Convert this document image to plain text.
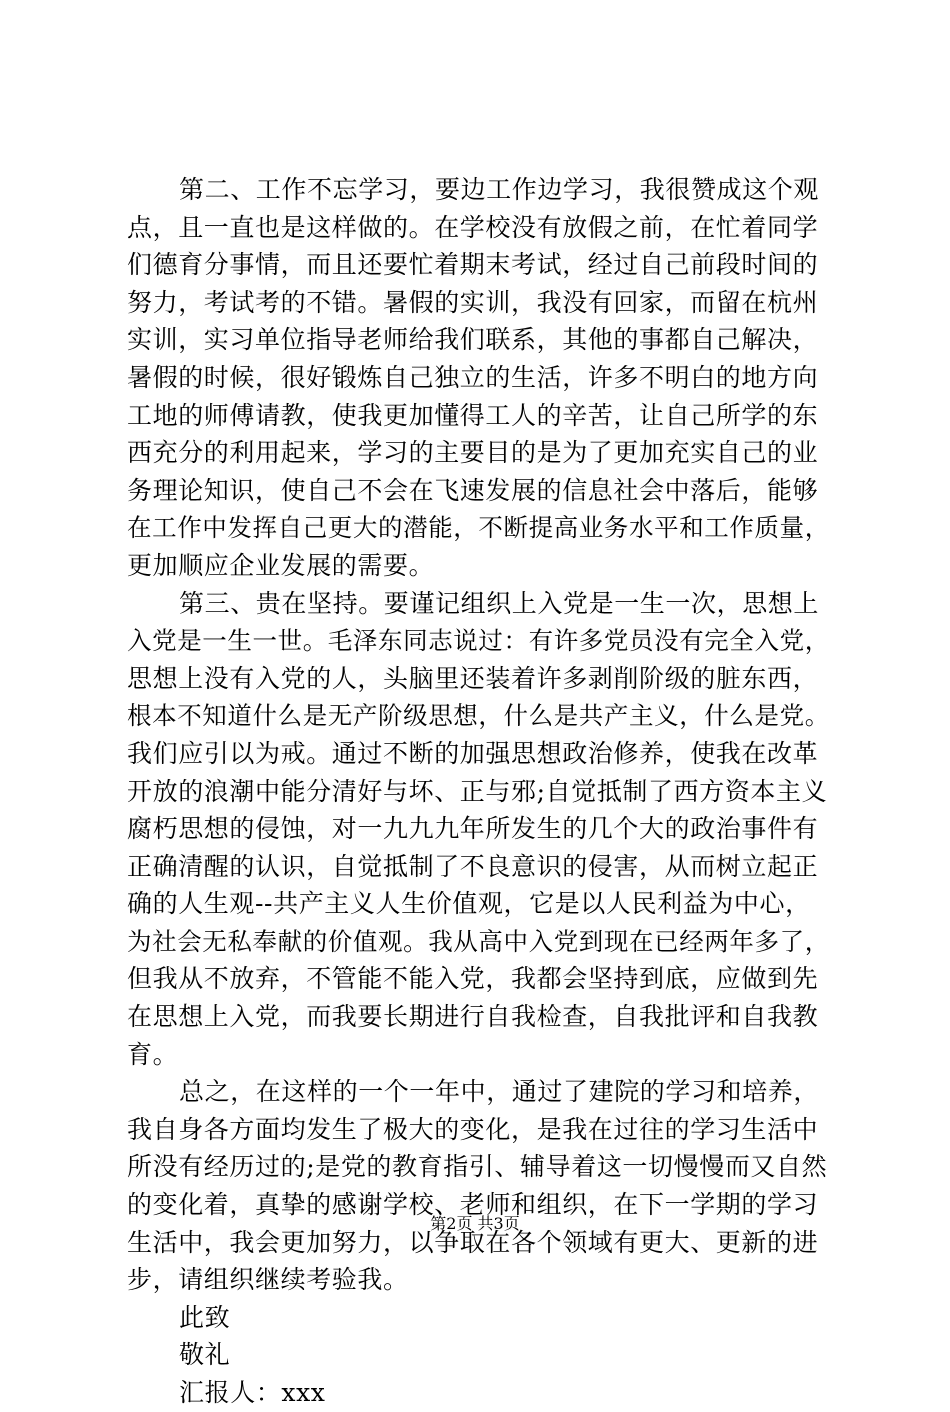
第二、工作不忘学习，要边工作边学习，我很赞成这个观
点，且一直也是这样做的。在学校没有放假之前，在忙着同学
们德育分事情，而且还要忙着期末考试，经过自己前段时间的
努力，考试考的不错。暑假的实训，我没有回家，而留在杭州
实训，实习单位指导老师给我们联系，其他的事都自己解决，
暑假的时候，很好锻炼自己独立的生活，许多不明白的地方向
工地的师傅请教，使我更加懂得工人的辛苦，让自己所学的东
西充分的利用起来，学习的主要目的是为了更加充实自己的业
务理论知识，使自己不会在飞速发展的信息社会中落后，能够
在工作中发挥自己更大的潜能，不断提高业务水平和工作质量，
更加顺应企业发展的需要。
第三、贵在坚持。要谨记组织上入党是一生一次，思想上
入党是一生一世。毛泽东同志说过：有许多党员没有完全入党，
思想上没有入党的人，头脑里还装着许多剥削阶级的脏东西，
根本不知道什么是无产阶级思想，什么是共产主义，什么是党。
我们应引以为戒。通过不断的加强思想政治修养，使我在改革
开放的浪潮中能分清好与坏、正与邪;自觉抵制了西方资本主义
腐朽思想的侵蚀，对一九九九年所发生的几个大的政治事件有
正确清醒的认识，自觉抵制了不良意识的侵害，从而树立起正
确的人生观--共产主义人生价值观，它是以人民利益为中心，
为社会无私奉献的价值观。我从高中入党到现在已经两年多了，
但我从不放弃，不管能不能入党，我都会坚持到底，应做到先
在思想上入党，而我要长期进行自我检查，自我批评和自我教
育。
总之，在这样的一个一年中，通过了建院的学习和培养，
我自身各方面均发生了极大的变化，是我在过往的学习生活中
所没有经历过的;是党的教育指引、辅导着这一切慢慢而又自然
的变化着，真挚的感谢学校、老师和组织，在下一学期的学习
生活中，我会更加努力，以争取在各个领域有更大、更新的进
步，请组织继续考验我。
此致
敬礼
汇报人：xxx
第2页 共3页
